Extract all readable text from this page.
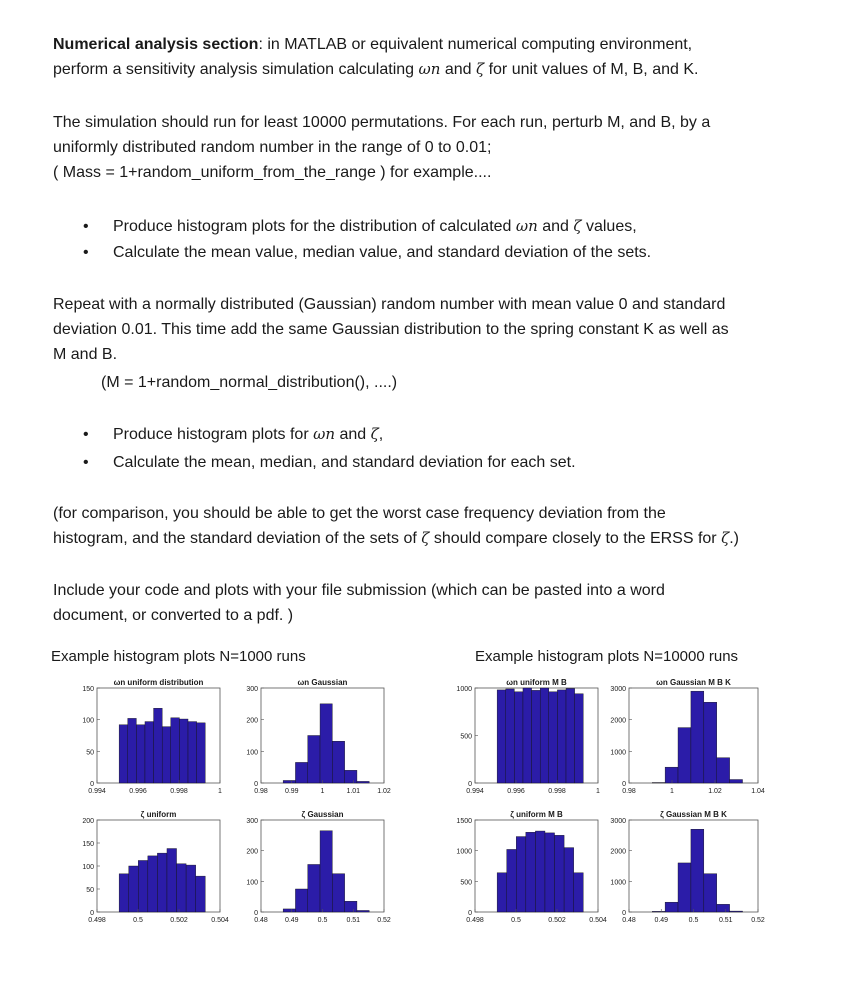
Numerical analysis section: in MATLAB or equivalent numerical computing environment,
perform a sensitivity analysis simulation calculating ωn and ζ for unit values of M, B, and K.

The simulation should run for least 10000 permutations. For each run, perturb M, and B, by a
uniformly distributed random number in the range of 0 to 0.01;
( Mass = 1+random_uniform_from_the_range ) for example....

• Produce histogram plots for the distribution of calculated ωn and ζ values,
• Calculate the mean value, median value, and standard deviation of the sets.

Repeat with a normally distributed (Gaussian) random number with mean value 0 and standard
deviation 0.01. This time add the same Gaussian distribution to the spring constant K as well as
M and B.

(M = 1+random_normal_distribution(), ....)
• Produce histogram plots for ωn and ζ,
• Calculate the mean, median, and standard deviation for each set.

(for comparison, you should be able to get the worst case frequency deviation from the
histogram, and the standard deviation of the sets of ζ should compare closely to the ERSS for ζ.)

Include your code and plots with your file submission (which can be pasted into a word
document, or converted to a pdf. )

Example histogram plots N=1000 runs	Example histogram plots N=10000 runs
ωn uniform distribution
0
50
100
150
0.994	0.996	0.998	1
ωn Gaussian
0
100
200
300
0.98 0.99	1	1.01 1.02
ζ uniform
0
50
100
150
200
0.498	0.5	0.502	0.504
ζ Gaussian
0
100
200
300
0.48 0.49	0.5	0.51 0.52
ωn uniform M B
0
500
1000
0.994	0.996	0.998	1
ωn Gaussian M B K
0
1000
2000
3000
0.98	1	1.02	1.04
ζ uniform M B
0
500
1000
1500
0.498	0.5	0.502	0.504
ζ Gaussian M B K
0
1000
2000
3000
0.48	0.49	0.5	0.51	0.52
